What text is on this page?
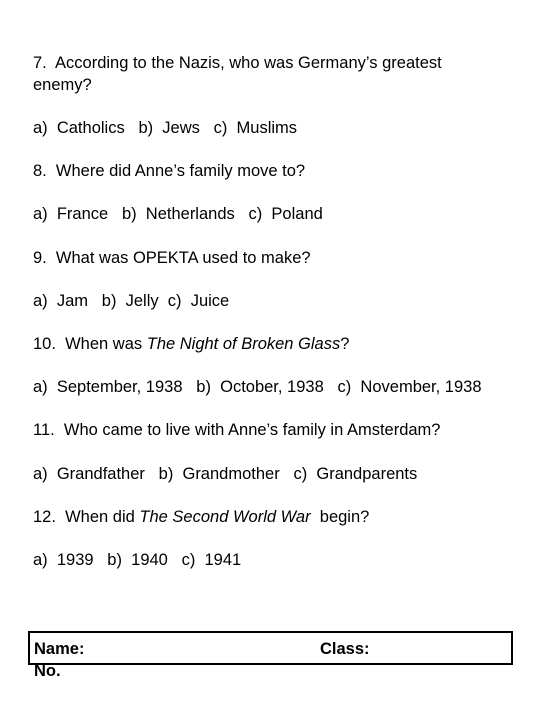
7.  According to the Nazis, who was Germany’s greatest
enemy?
a)  Catholics   b)  Jews   c)  Muslims
8.  Where did Anne’s family move to?
a)  France   b)  Netherlands   c)  Poland
9.  What was OPEKTA used to make?
a)  Jam   b)  Jelly  c)  Juice
10.  When was The Night of Broken Glass?
a)  September, 1938   b)  October, 1938   c)  November, 1938
11.  Who came to live with Anne’s family in Amsterdam?
a)  Grandfather   b)  Grandmother   c)  Grandparents
12.  When did The Second World War  begin?
a)  1939   b)  1940   c)  1941
Name:
No.
Class:
